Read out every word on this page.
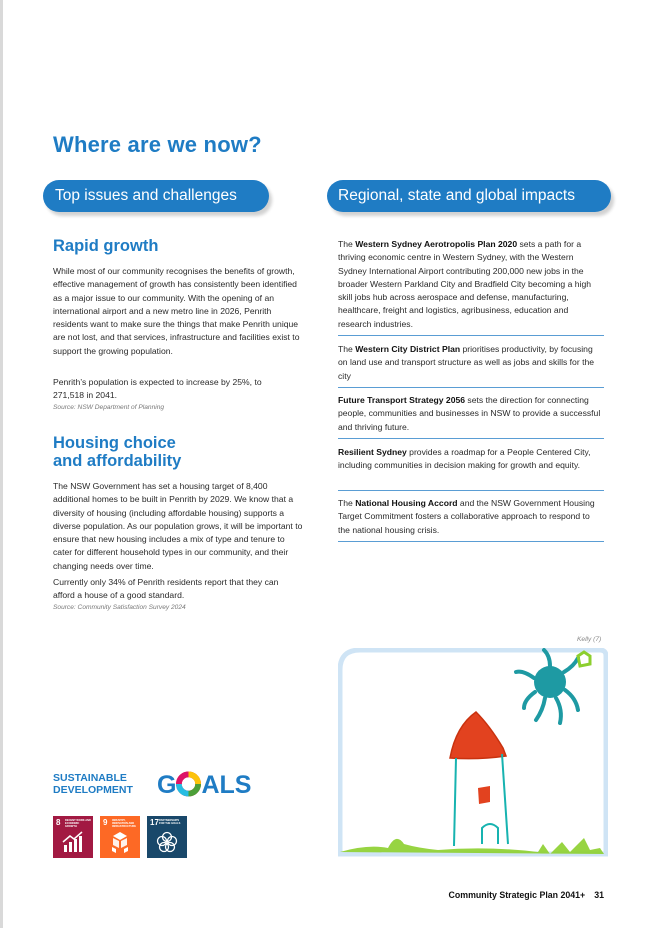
Where are we now?
Top issues and challenges	Regional, state and global impacts
Rapid growth

While most of our community recognises the benefits of growth, effective management of growth has consistently been identified as a major issue to our community. With the opening of an international airport and a new metro line in 2026, Penrith residents want to make sure the things that make Penrith unique are not lost, and that services, infrastructure and facilities exist to support the growing population.

Penrith’s population is expected to increase by 25%, to 271,518 in 2041.

Source: NSW Department of Planning

Housing choice
and affordability

The NSW Government has set a housing target of 8,400 additional homes to be built in Penrith by 2029. We know that a diversity of housing (including affordable housing) supports a diverse population. As our population grows, it will be important to ensure that new housing includes a mix of type and tenure to cater for different household types in our community, and their changing needs over time.

Currently only 34% of Penrith residents report that they can afford a house of a good standard.

Source: Community Satisfaction Survey 2024

The Western Sydney Aerotropolis Plan 2020 sets a path for a thriving economic centre in Western Sydney, with the Western Sydney International Airport contributing 200,000 new jobs in the broader Western Parkland City and Bradfield City becoming a high skill jobs hub across aerospace and defense, manufacturing, healthcare, freight and logistics, agribusiness, education and research industries.

The Western City District Plan prioritises productivity, by focusing on land use and transport structure as well as jobs and skills for the city

Future Transport Strategy 2056 sets the direction for connecting people, communities and businesses in NSW to provide a successful and thriving future.

Resilient Sydney provides a roadmap for a People Centered City, including communities in decision making for growth and equity.

The National Housing Accord and the NSW Government Housing Target Commitment fosters a collaborative approach to respond to the national housing crisis.

Kelly (7)

SUSTAINABLE
DEVELOPMENT G ALS
8 DECENT WORK AND ECONOMIC GROWTH	9 INDUSTRY, INNOVATION AND INFRASTRUCTURE 17 PARTNERSHIPS FOR THE GOALS
Community Strategic Plan 2041+ 31
